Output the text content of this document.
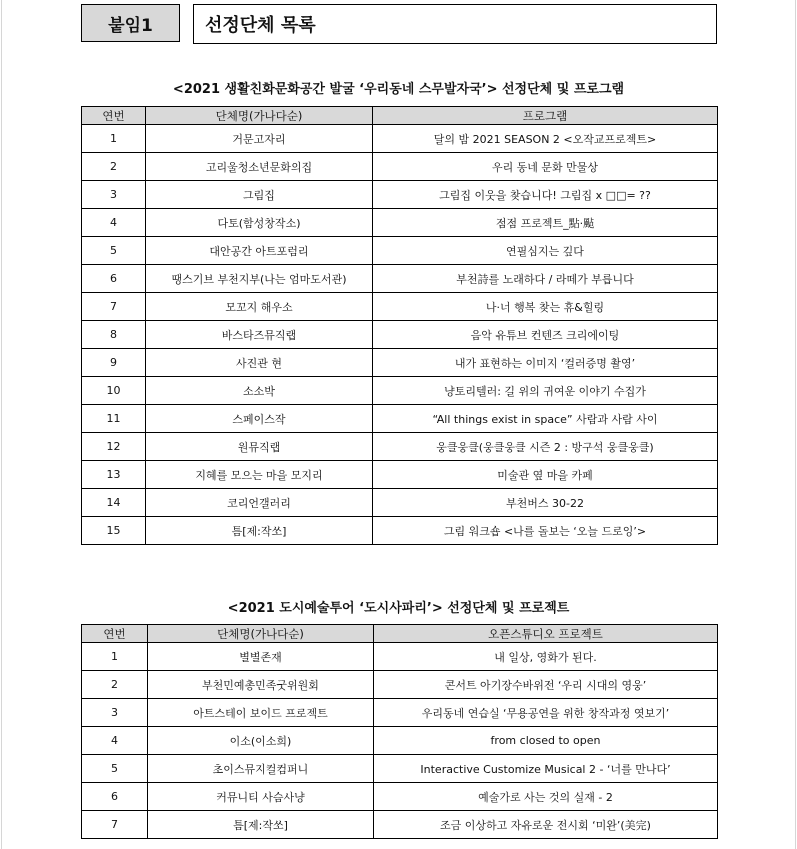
붙임1	선정단체 목록
<2021 생활친화문화공간 발굴 ‘우리동네 스무발자국’> 선정단체 및 프로그램
연번	단체명(가나다순)	프로그램
1	거문고자리	달의 밤 2021 SEASON 2 <오작교프로젝트>
2	고리울청소년문화의집	우리 동네 문화 만물상
3	그림집	그림집 이웃을 찾습니다! 그림집 x □□= ??
4	다토(함성창작소)	점점 프로젝트_點·颭
5	대안공간 아트포럼리	연필심지는 깊다
6	땡스기브 부천지부(나는 엄마도서관)	부천詩를 노래하다 / 라떼가 부릅니다
7	모꼬지 해우소	나·너 행복 찾는 휴&힐링
8	바스타즈뮤직랩	음악 유튜브 컨텐즈 크리에이팅
9	사진관 현	내가 표현하는 이미지 ‘컬러증명 촬영’
10	소소박	냥토리텔러: 길 위의 귀여운 이야기 수집가
11	스페이스작	“All things exist in space” 사람과 사람 사이
12	원뮤직랩	웅클웅클(웅클웅클 시즌 2 : 방구석 웅클웅클)
13	지혜를 모으는 마을 모지리	미술관 옆 마을 카페
14	코리언갤러리	부천버스 30-22
15	틈[제:작쏘]	그림 워크숍 <나를 돌보는 ‘오늘 드로잉’>
<2021 도시예술투어 ‘도시사파리’> 선정단체 및 프로젝트
연번	단체명(가나다순)	오픈스튜디오 프로젝트
1	별별존재	내 일상, 영화가 된다.
2	부천민예총민족굿위원회	콘서트 아기장수바위전 ‘우리 시대의 영웅’
3	아트스테이 보이드 프로젝트	우리동네 연습실 ‘무용공연을 위한 창작과정 엿보기’
4	이소(이소희)	from closed to open
5	초이스뮤지컬컴퍼니	Interactive Customize Musical 2 - ‘너를 만나다’
6	커뮤니티 사슴사냥	예술가로 사는 것의 실재 - 2
7	틈[제:작쏘]	조금 이상하고 자유로운 전시회 ‘미완’(美完)
